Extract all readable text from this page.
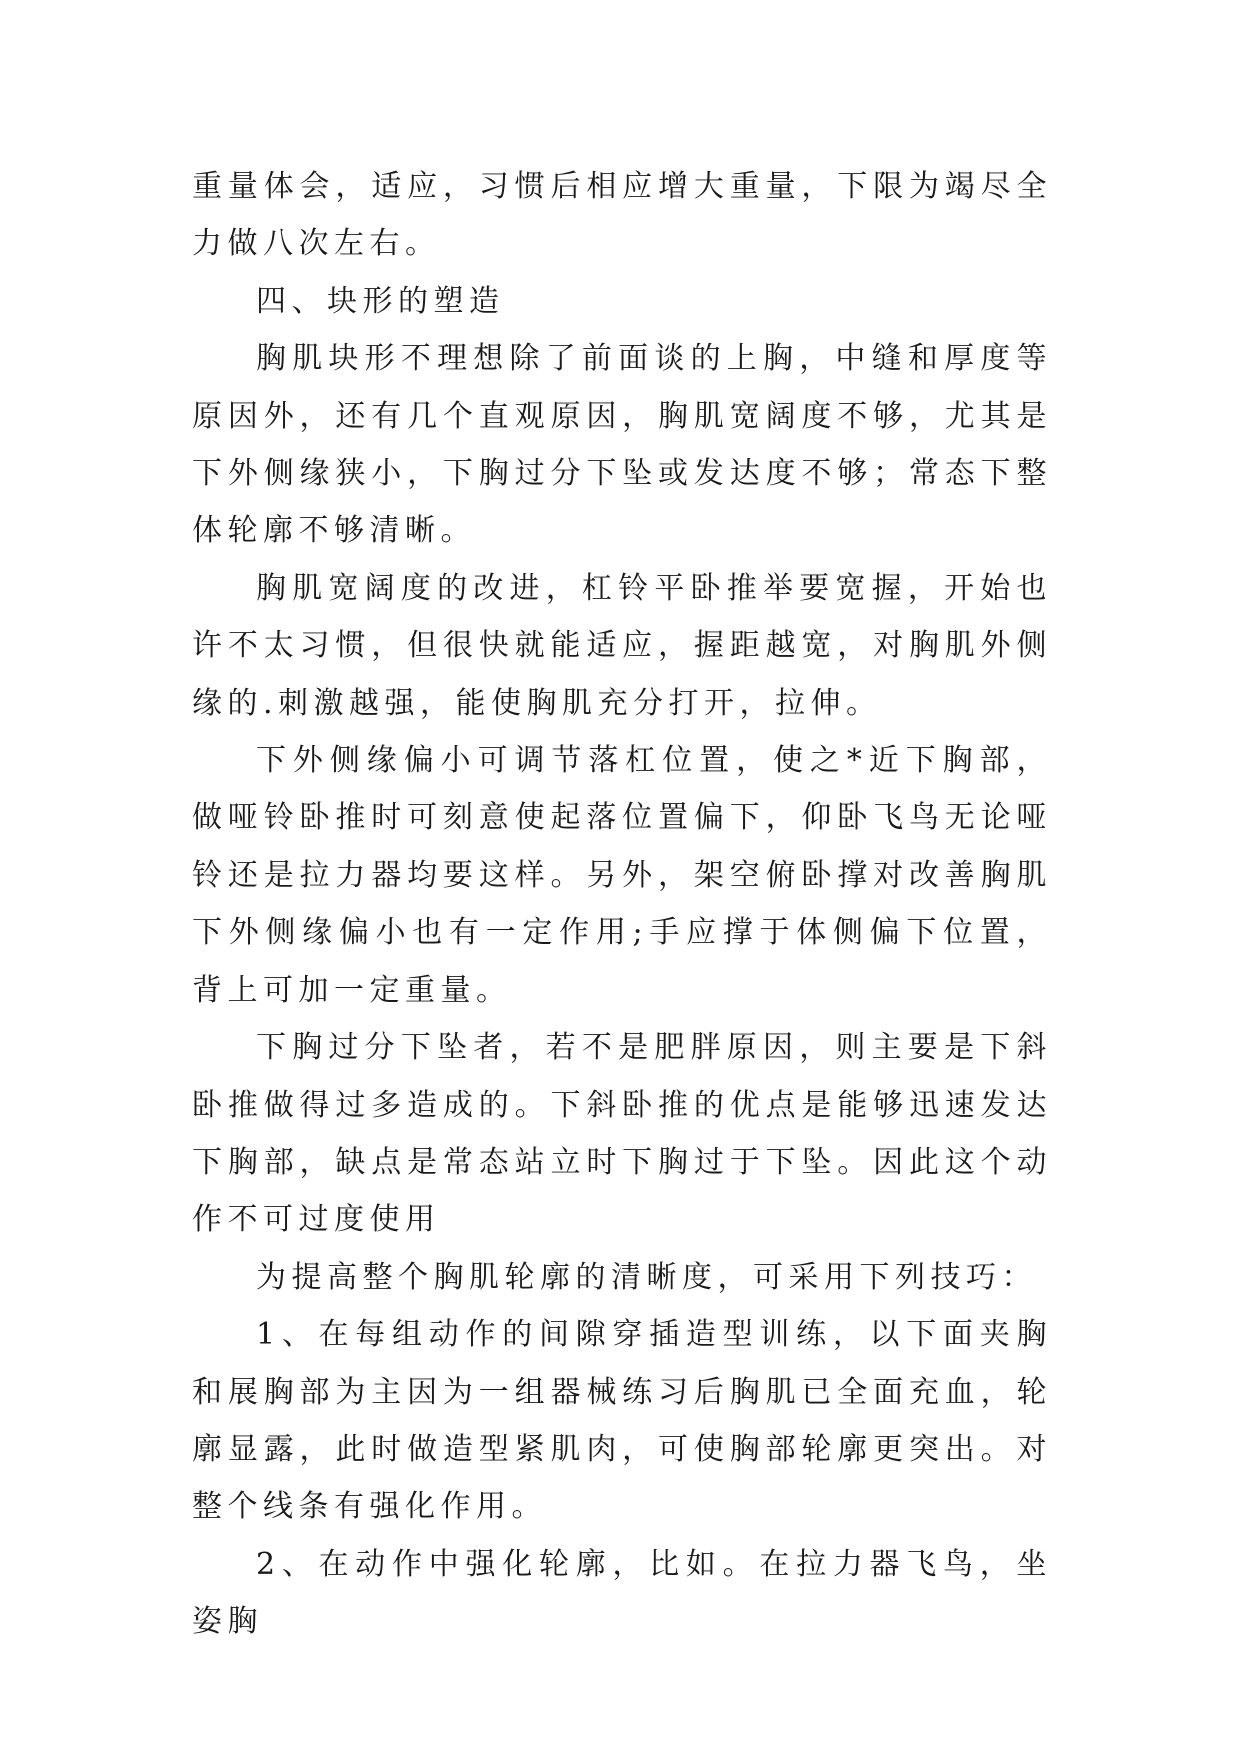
重量体会，适应，习惯后相应增大重量，下限为竭尽全力做八次左右。

四、块形的塑造

胸肌块形不理想除了前面谈的上胸，中缝和厚度等原因外，还有几个直观原因，胸肌宽阔度不够，尤其是下外侧缘狭小，下胸过分下坠或发达度不够；常态下整体轮廓不够清晰。

胸肌宽阔度的改进，杠铃平卧推举要宽握，开始也许不太习惯，但很快就能适应，握距越宽，对胸肌外侧缘的.刺激越强，能使胸肌充分打开，拉伸。

下外侧缘偏小可调节落杠位置，使之*近下胸部，做哑铃卧推时可刻意使起落位置偏下，仰卧飞鸟无论哑铃还是拉力器均要这样。另外，架空俯卧撑对改善胸肌下外侧缘偏小也有一定作用;手应撑于体侧偏下位置，背上可加一定重量。

下胸过分下坠者，若不是肥胖原因，则主要是下斜卧推做得过多造成的。下斜卧推的优点是能够迅速发达下胸部，缺点是常态站立时下胸过于下坠。因此这个动作不可过度使用

为提高整个胸肌轮廓的清晰度，可采用下列技巧：

1、在每组动作的间隙穿插造型训练，以下面夹胸和展胸部为主因为一组器械练习后胸肌已全面充血，轮廓显露，此时做造型紧肌肉，可使胸部轮廓更突出。对整个线条有强化作用。

2、在动作中强化轮廓，比如。在拉力器飞鸟，坐姿胸
